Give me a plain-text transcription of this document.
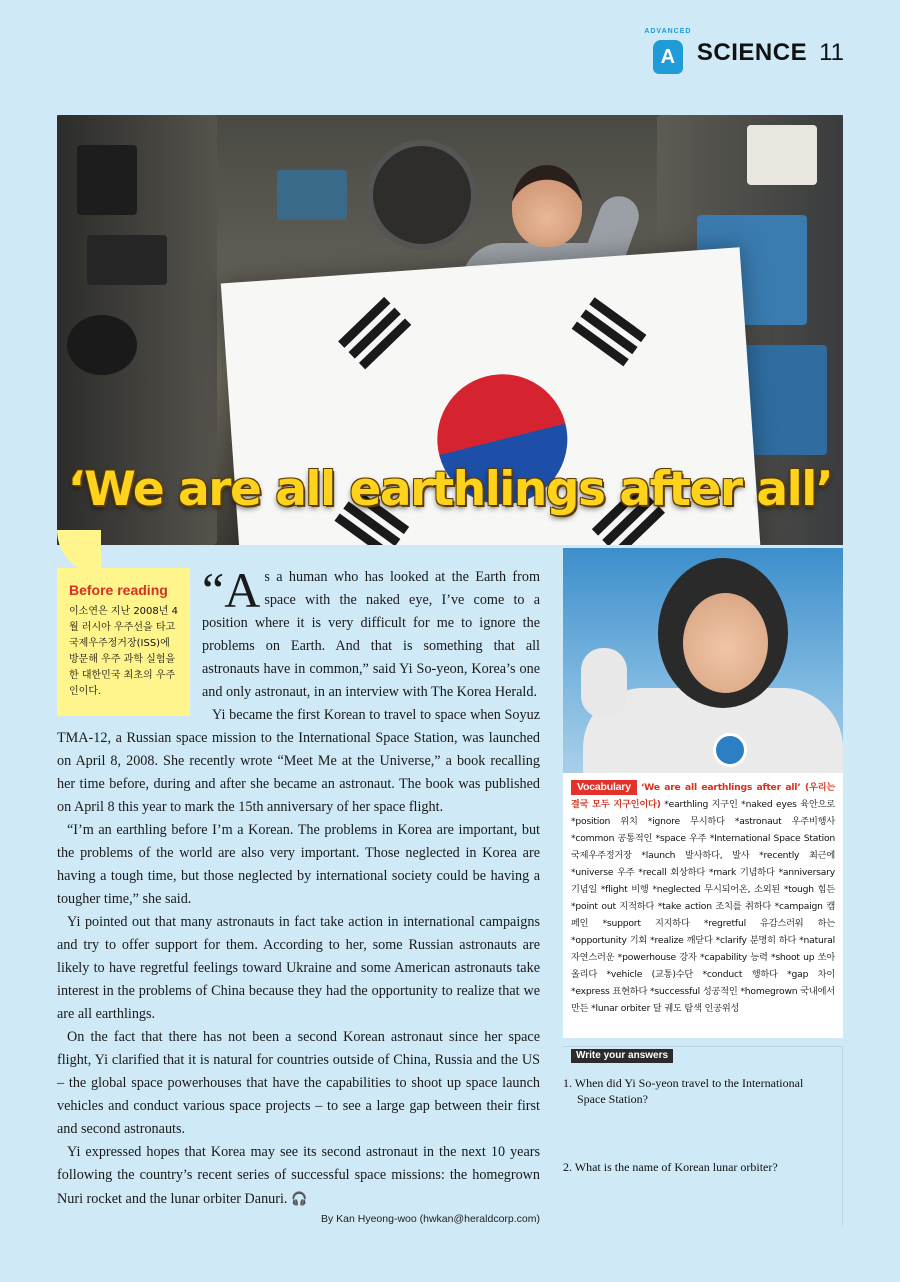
ADVANCED
A SCIENCE 11
‘We are all earthlings after all’
Before reading
이소연은 지난 2008년 4월 러시아 우주선을 타고 국제우주정거장(ISS)에 방문해 우주 과학 실험을 한 대한민국 최초의 우주인이다.

“As a human who has looked at the Earth from space with the naked eye, I’ve come to a position where it is very difficult for me to ignore the problems on Earth. And that is something that all astronauts have in common,” said Yi So-yeon, Korea’s one and only astronaut, in an interview with The Korea Herald.

Yi became the first Korean to travel to space when Soyuz TMA-12, a Russian space mission to the International Space Station, was launched on April 8, 2008. She recently wrote “Meet Me at the Universe,” a book recalling her time before, during and after she became an astronaut. The book was published on April 8 this year to mark the 15th anniversary of her space flight.

“I’m an earthling before I’m a Korean. The problems in Korea are important, but the problems of the world are also very important. Those neglected in Korea are having a tough time, but those neglected by international society could be having a tougher time,” she said.

Yi pointed out that many astronauts in fact take action in international campaigns and try to offer support for them. According to her, some Russian astronauts are likely to have regretful feelings toward Ukraine and some American astronauts take interest in the problems of China because they had the opportunity to realize that we are all earthlings.

On the fact that there has not been a second Korean astronaut since her space flight, Yi clarified that it is natural for countries outside of China, Russia and the US – the global space powerhouses that have the capabilities to shoot up space launch vehicles and conduct various space projects – to see a large gap between their first and second astronauts.

Yi expressed hopes that Korea may see its second astronaut in the next 10 years following the country’s recent series of successful space missions: the homegrown Nuri rocket and the lunar orbiter Danuri. 🎧

By Kan Hyeong-woo (hwkan@heraldcorp.com)
Vocabulary ‘We are all earthlings after all’ (우리는 결국 모두 지구인이다) *earthling 지구인 *naked eyes 육안으로 *position 위치 *ignore 무시하다 *astronaut 우주비행사 *common 공통적인 *space 우주 *International Space Station 국제우주정거장 *launch 발사하다, 발사 *recently 최근에 *universe 우주 *recall 회상하다 *mark 기념하다 *anniversary 기념일 *flight 비행 *neglected 무시되어온, 소외된 *tough 힘든 *point out 지적하다 *take action 조치를 취하다 *campaign 캠페인 *support 지지하다 *regretful 유감스러워 하는 *opportunity 기회 *realize 깨닫다 *clarify 분명히 하다 *natural 자연스러운 *powerhouse 강자 *capability 능력 *shoot up 쏘아 올리다 *vehicle (교통)수단 *conduct 행하다 *gap 차이 *express 표현하다 *successful 성공적인 *homegrown 국내에서 만든 *lunar orbiter 달 궤도 탐색 인공위성
Write your answers
1. When did Yi So-yeon travel to the International Space Station?
2. What is the name of Korean lunar orbiter?
